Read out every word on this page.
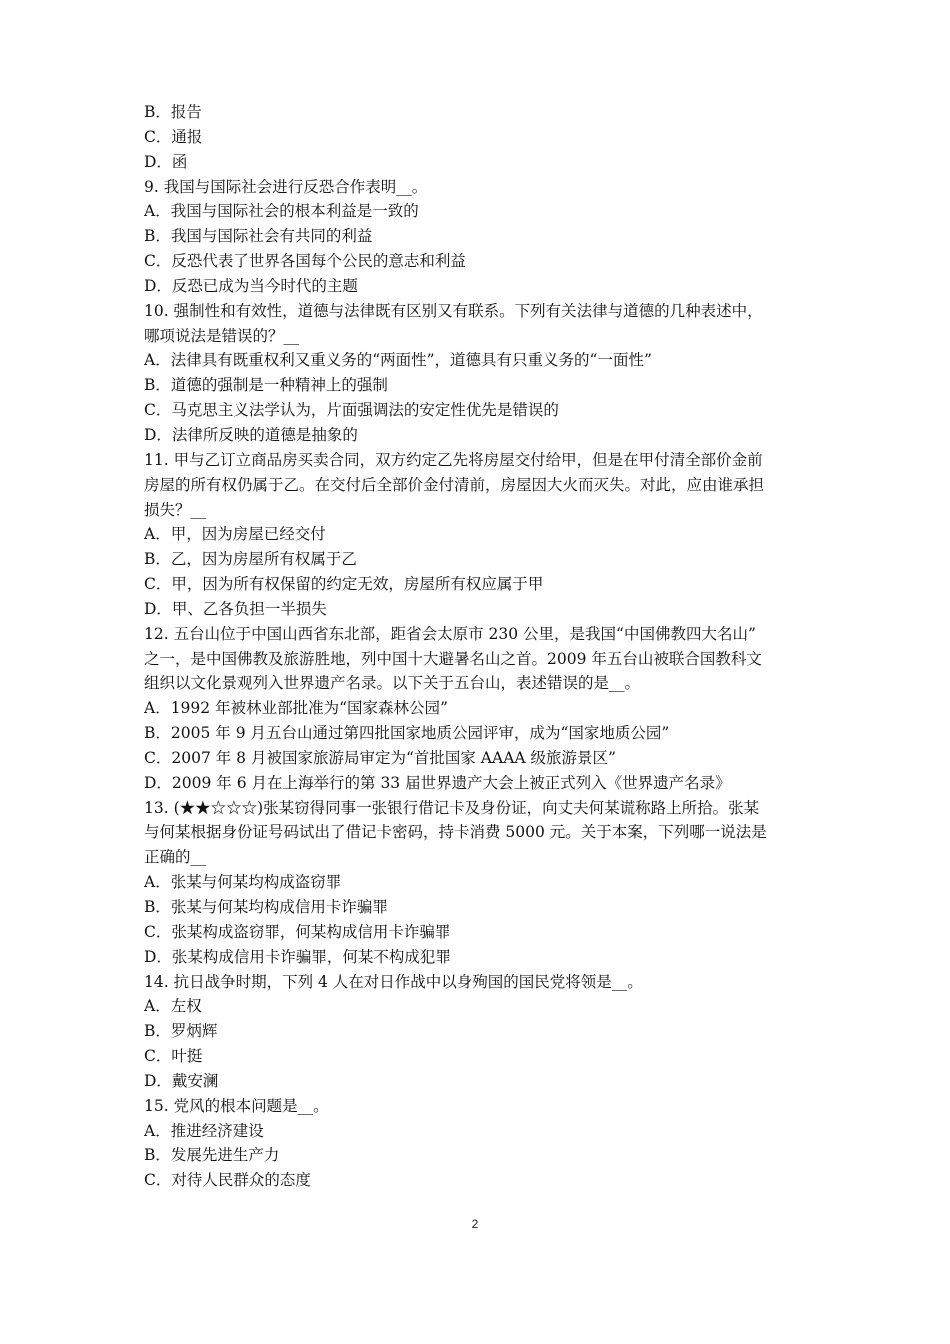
B．报告
C．通报
D．函
9. 我国与国际社会进行反恐合作表明__。
A．我国与国际社会的根本利益是一致的
B．我国与国际社会有共同的利益
C．反恐代表了世界各国每个公民的意志和利益
D．反恐已成为当今时代的主题
10. 强制性和有效性，道德与法律既有区别又有联系。下列有关法律与道德的几种表述中，
哪项说法是错误的？__
A．法律具有既重权利又重义务的“两面性”，道德具有只重义务的“一面性”
B．道德的强制是一种精神上的强制
C．马克思主义法学认为，片面强调法的安定性优先是错误的
D．法律所反映的道德是抽象的
11. 甲与乙订立商品房买卖合同，双方约定乙先将房屋交付给甲，但是在甲付清全部价金前
房屋的所有权仍属于乙。在交付后全部价金付清前，房屋因大火而灭失。对此，应由谁承担
损失？__
A．甲，因为房屋已经交付
B．乙，因为房屋所有权属于乙
C．甲，因为所有权保留的约定无效，房屋所有权应属于甲
D．甲、乙各负担一半损失
12. 五台山位于中国山西省东北部，距省会太原市 230 公里，是我国“中国佛教四大名山”
之一，是中国佛教及旅游胜地，列中国十大避暑名山之首。2009 年五台山被联合国教科文
组织以文化景观列入世界遗产名录。以下关于五台山，表述错误的是__。
A．1992 年被林业部批准为“国家森林公园”
B．2005 年 9 月五台山通过第四批国家地质公园评审，成为“国家地质公园”
C．2007 年 8 月被国家旅游局审定为“首批国家 AAAA 级旅游景区”
D．2009 年 6 月在上海举行的第 33 届世界遗产大会上被正式列入《世界遗产名录》
13. (★★☆☆☆)张某窃得同事一张银行借记卡及身份证，向丈夫何某谎称路上所拾。张某
与何某根据身份证号码试出了借记卡密码，持卡消费 5000 元。关于本案，下列哪一说法是
正确的__
A．张某与何某均构成盗窃罪
B．张某与何某均构成信用卡诈骗罪
C．张某构成盗窃罪，何某构成信用卡诈骗罪
D．张某构成信用卡诈骗罪，何某不构成犯罪
14. 抗日战争时期，下列 4 人在对日作战中以身殉国的国民党将领是__。
A．左权
B．罗炳辉
C．叶挺
D．戴安澜
15. 党风的根本问题是__。
A．推进经济建设
B．发展先进生产力
C．对待人民群众的态度
2
